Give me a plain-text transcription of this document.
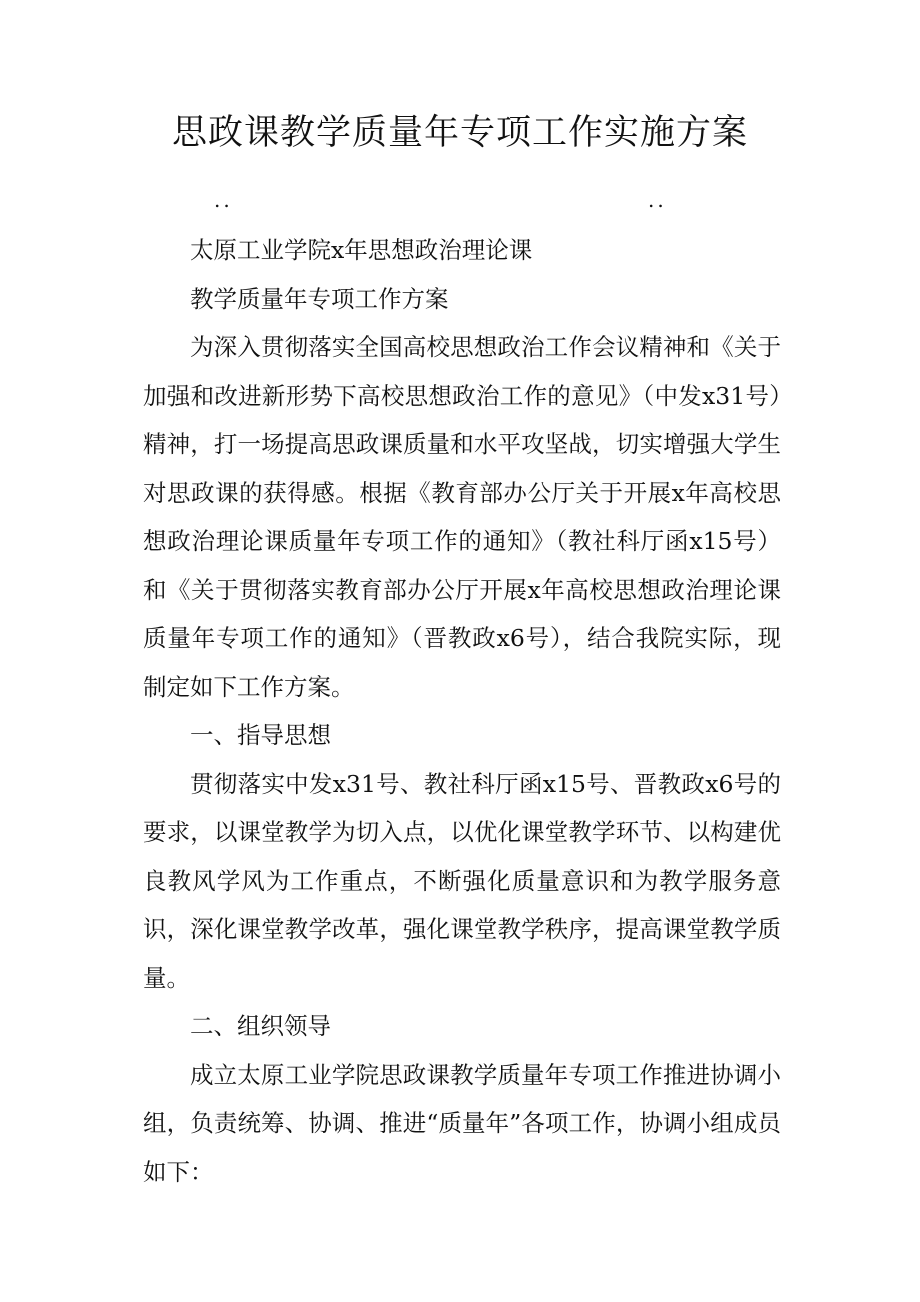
思政课教学质量年专项工作实施方案
..	..

太原工业学院x年思想政治理论课

教学质量年专项工作方案

为深入贯彻落实全国高校思想政治工作会议精神和《关于加强和改进新形势下高校思想政治工作的意见》（中发x31号）精神，打一场提高思政课质量和水平攻坚战，切实增强大学生对思政课的获得感。根据《教育部办公厅关于开展x年高校思想政治理论课质量年专项工作的通知》（教社科厅函x15号）和《关于贯彻落实教育部办公厅开展x年高校思想政治理论课质量年专项工作的通知》（晋教政x6号），结合我院实际，现制定如下工作方案。

一、指导思想

贯彻落实中发x31号、教社科厅函x15号、晋教政x6号的要求，以课堂教学为切入点，以优化课堂教学环节、以构建优良教风学风为工作重点，不断强化质量意识和为教学服务意识，深化课堂教学改革，强化课堂教学秩序，提高课堂教学质量。

二、组织领导

成立太原工业学院思政课教学质量年专项工作推进协调小组，负责统筹、协调、推进“质量年”各项工作，协调小组成员如下：
